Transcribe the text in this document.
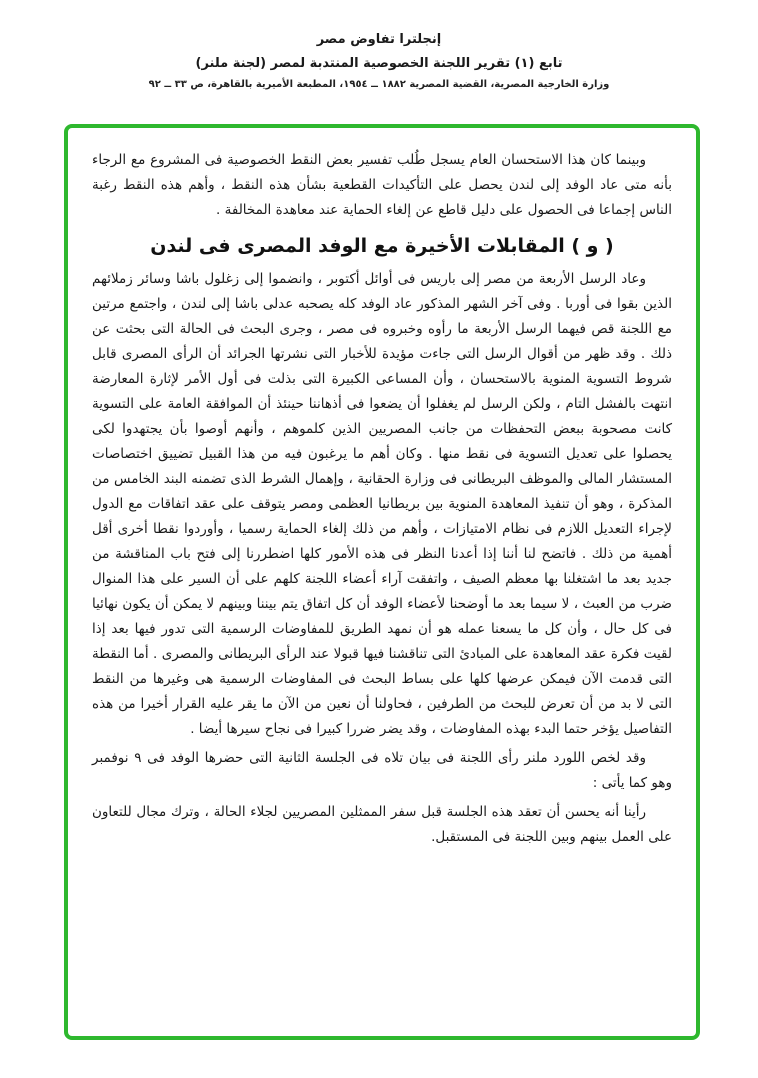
إنجلترا تفاوض مصر
تابع (١) تقرير اللجنة الخصوصية المنتدبة لمصر (لجنة ملنر)
وزارة الخارجية المصرية، القضية المصرية ١٨٨٢ ــ ١٩٥٤، المطبعة الأميرية بالقاهرة، ص ٣٣ ــ ٩٢

وبينما كان هذا الاستحسان العام يسجل طُلب تفسير بعض النقط الخصوصية فى المشروع مع الرجاء بأنه متى عاد الوفد إلى لندن يحصل على التأكيدات القطعية بشأن هذه النقط ، وأهم هذه النقط رغبة الناس إجماعا فى الحصول على دليل قاطع عن إلغاء الحماية عند معاهدة المخالفة .

( و ) المقابلات الأخيرة مع الوفد المصرى فى لندن

وعاد الرسل الأربعة من مصر إلى باريس فى أوائل أكتوبر ، وانضموا إلى زغلول باشا وسائر زملائهم الذين بقوا فى أوربا . وفى آخر الشهر المذكور عاد الوفد كله يصحبه عدلى باشا إلى لندن ، واجتمع مرتين مع اللجنة قص فيهما الرسل الأربعة ما رأوه وخبروه فى مصر ، وجرى البحث فى الحالة التى بحثت عن ذلك . وقد ظهر من أقوال الرسل التى جاءت مؤيدة للأخبار التى نشرتها الجرائد أن الرأى المصرى قابل شروط التسوية المنوية بالاستحسان ، وأن المساعى الكبيرة التى بذلت فى أول الأمر لإثارة المعارضة انتهت بالفشل التام ، ولكن الرسل لم يغفلوا أن يضعوا فى أذهاننا حينئذ أن الموافقة العامة على التسوية كانت مصحوبة ببعض التحفظات من جانب المصريين الذين كلموهم ، وأنهم أوصوا بأن يجتهدوا لكى يحصلوا على تعديل التسوية فى نقط منها . وكان أهم ما يرغبون فيه من هذا القبيل تضييق اختصاصات المستشار المالى والموظف البريطانى فى وزارة الحقانية ، وإهمال الشرط الذى تضمنه البند الخامس من المذكرة ، وهو أن تنفيذ المعاهدة المنوية بين بريطانيا العظمى ومصر يتوقف على عقد اتفاقات مع الدول لإجراء التعديل اللازم فى نظام الامتيازات ، وأهم من ذلك إلغاء الحماية رسميا ، وأوردوا نقطا أخرى أقل أهمية من ذلك . فاتضح لنا أننا إذا أعدنا النظر فى هذه الأمور كلها اضطررنا إلى فتح باب المناقشة من جديد بعد ما اشتغلنا بها معظم الصيف ، واتفقت آراء أعضاء اللجنة كلهم على أن السير على هذا المنوال ضرب من العبث ، لا سيما بعد ما أوضحنا لأعضاء الوفد أن كل اتفاق يتم بيننا وبينهم لا يمكن أن يكون نهائيا فى كل حال ، وأن كل ما يسعنا عمله هو أن نمهد الطريق للمفاوضات الرسمية التى تدور فيها بعد إذا لقيت فكرة عقد المعاهدة على المبادئ التى تناقشنا فيها قبولا عند الرأى البريطانى والمصرى . أما النقطة التى قدمت الآن فيمكن عرضها كلها على بساط البحث فى المفاوضات الرسمية هى وغيرها من النقط التى لا بد من أن تعرض للبحث من الطرفين ، فحاولنا أن نعين من الآن ما يقر عليه القرار أخيرا من هذه التفاصيل يؤخر حتما البدء بهذه المفاوضات ، وقد يضر ضررا كبيرا فى نجاح سيرها أيضا .

وقد لخص اللورد ملنر رأى اللجنة فى بيان تلاه فى الجلسة الثانية التى حضرها الوفد فى ٩ نوفمبر وهو كما يأتى :

رأينا أنه يحسن أن تعقد هذه الجلسة قبل سفر الممثلين المصريين لجلاء الحالة ، وترك مجال للتعاون على العمل بينهم وبين اللجنة فى المستقبل.
